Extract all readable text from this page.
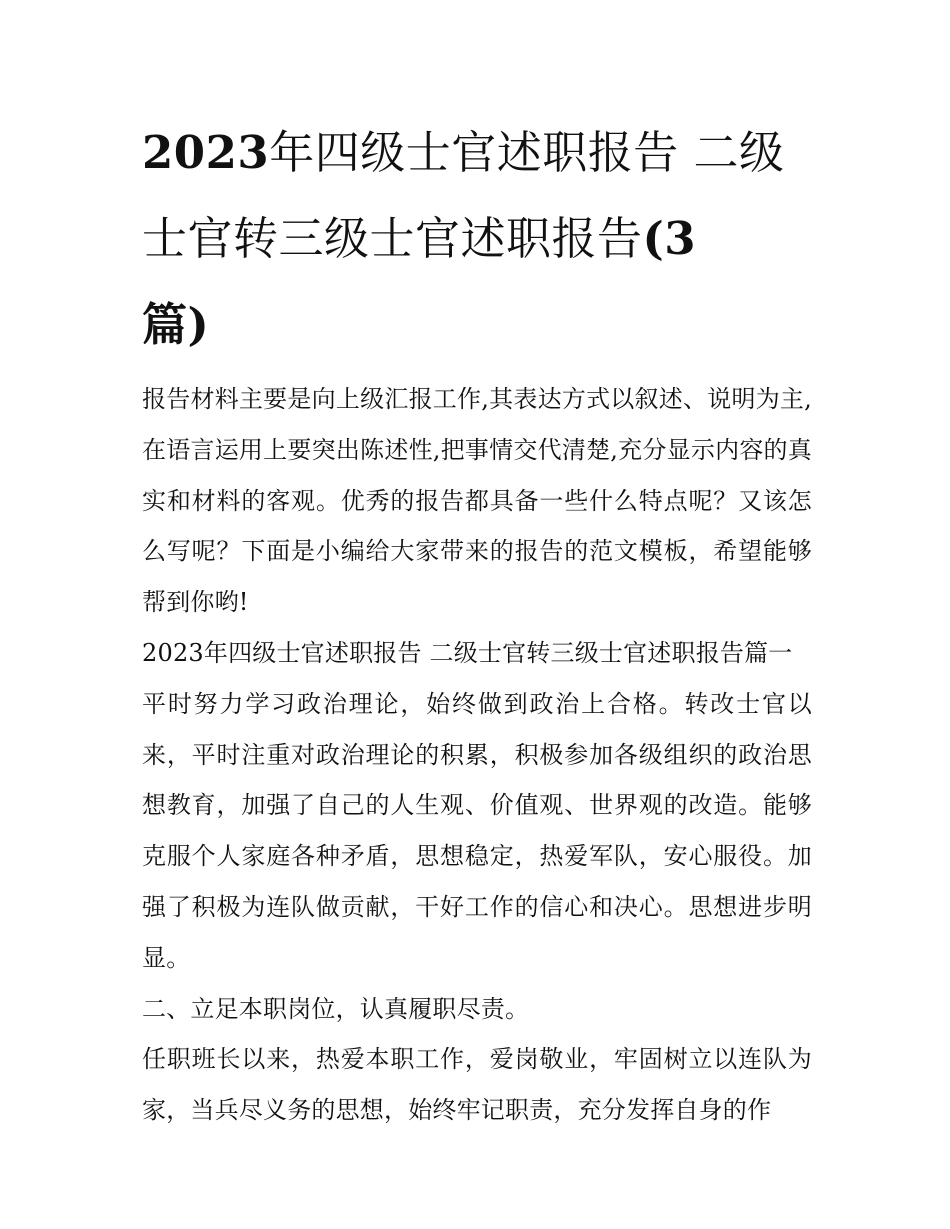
2023年四级士官述职报告 二级士官转三级士官述职报告(3
篇)

报告材料主要是向上级汇报工作,其表达方式以叙述、说明为主,在语言运用上要突出陈述性,把事情交代清楚,充分显示内容的真实和材料的客观。优秀的报告都具备一些什么特点呢？又该怎么写呢？下面是小编给大家带来的报告的范文模板，希望能够帮到你哟!

2023年四级士官述职报告 二级士官转三级士官述职报告篇一

平时努力学习政治理论，始终做到政治上合格。转改士官以来，平时注重对政治理论的积累，积极参加各级组织的政治思想教育，加强了自己的人生观、价值观、世界观的改造。能够克服个人家庭各种矛盾，思想稳定，热爱军队，安心服役。加强了积极为连队做贡献，干好工作的信心和决心。思想进步明显。

二、立足本职岗位，认真履职尽责。

任职班长以来，热爱本职工作，爱岗敬业，牢固树立以连队为家，当兵尽义务的思想，始终牢记职责，充分发挥自身的作
